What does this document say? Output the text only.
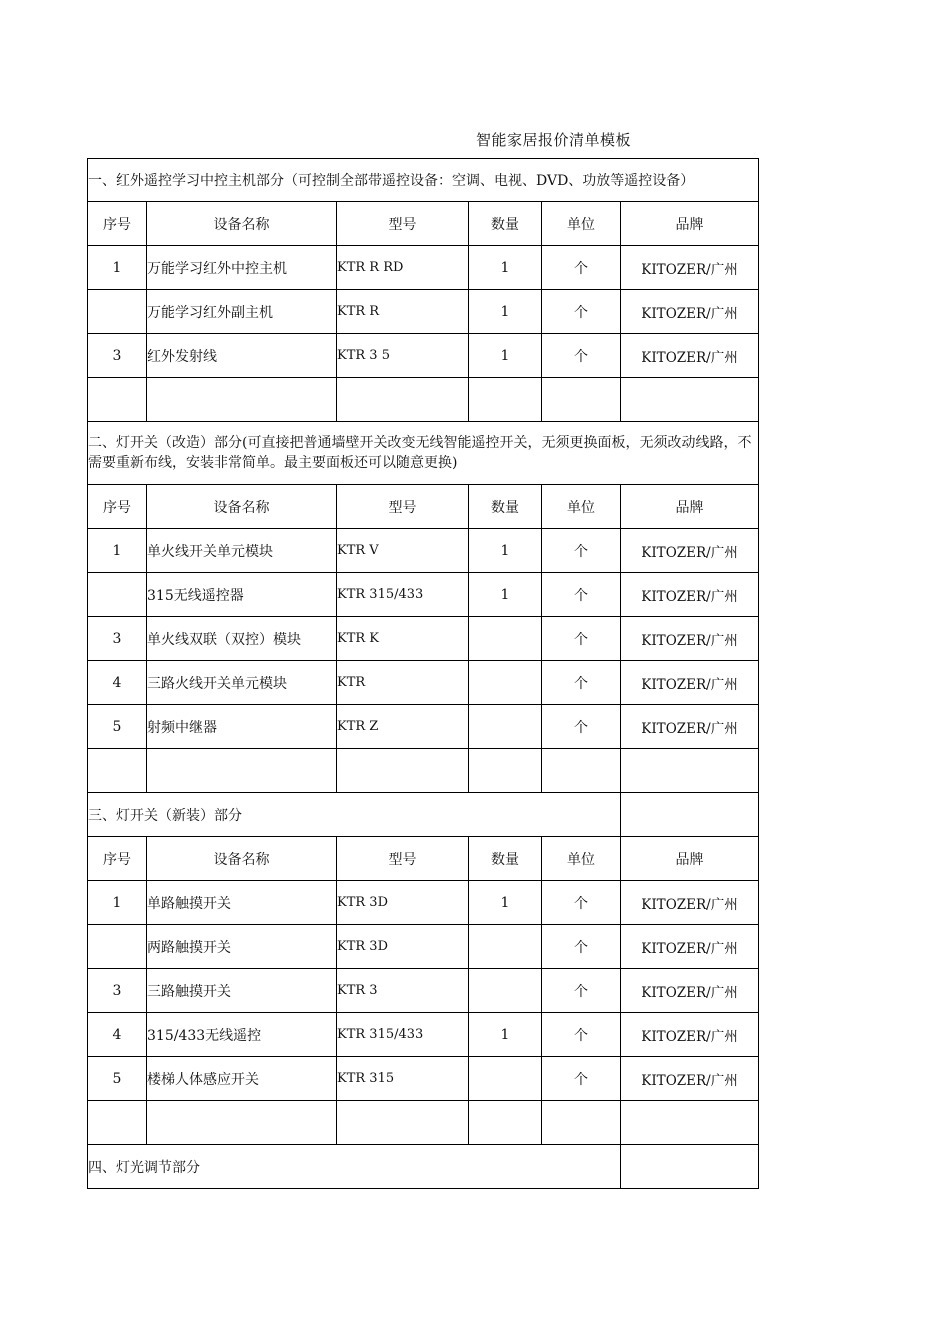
智能家居报价清单模板
一、红外遥控学习中控主机部分（可控制全部带遥控设备：空调、电视、DVD、功放等遥控设备）					
序号	设备名称	型号	数量	单位	品牌
1	万能学习红外中控主机	KTR R RD	1	个	KITOZER/广州
	万能学习红外副主机	KTR R	1	个	KITOZER/广州
3	红外发射线	KTR 3 5	1	个	KITOZER/广州

二、灯开关（改造）部分(可直接把普通墙壁开关改变无线智能遥控开关，无须更换面板，无须改动线路，不需要重新布线，安装非常简单。最主要面板还可以随意更换)					
序号	设备名称	型号	数量	单位	品牌
1	单火线开关单元模块	KTR V	1	个	KITOZER/广州
	315无线遥控器	KTR 315/433	1	个	KITOZER/广州
3	单火线双联（双控）模块	KTR K		个	KITOZER/广州
4	三路火线开关单元模块	KTR		个	KITOZER/广州
5	射频中继器	KTR Z		个	KITOZER/广州

三、灯开关（新装）部分					
序号	设备名称	型号	数量	单位	品牌
1	单路触摸开关	KTR 3D	1	个	KITOZER/广州
	两路触摸开关	KTR 3D		个	KITOZER/广州
3	三路触摸开关	KTR 3		个	KITOZER/广州
4	315/433无线遥控	KTR 315/433	1	个	KITOZER/广州
5	楼梯人体感应开关	KTR 315		个	KITOZER/广州

四、灯光调节部分					
